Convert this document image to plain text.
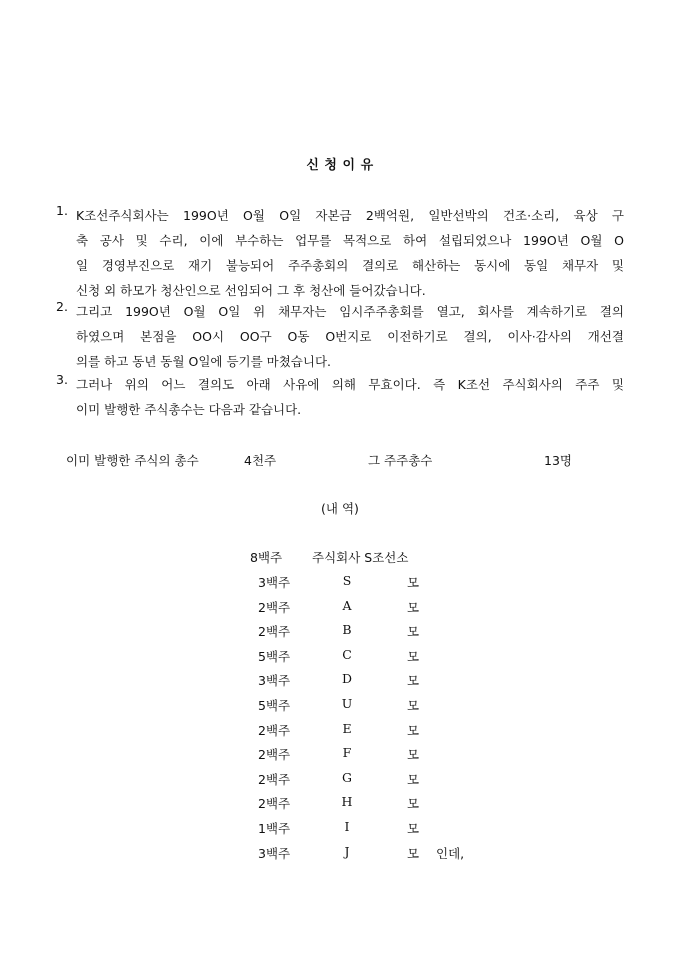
신 청 이 유
1. K조선주식회사는 199O년 O월 O일 자본금 2백억원, 일반선박의 건조·소리, 육상 구
축 공사 및 수리, 이에 부수하는 업무를 목적으로 하여 설립되었으나 199O년 O월 O
일 경영부진으로 재기 불능되어 주주총회의 결의로 해산하는 동시에 동일 채무자 및
신청 외 하모가 청산인으로 선임되어 그 후 청산에 들어갔습니다.
2. 그리고 199O년 O월 O일 위 채무자는 임시주주총회를 열고, 회사를 계속하기로 결의
하였으며 본점을 OO시 OO구 O동 O번지로 이전하기로 결의, 이사·감사의 개선결
의를 하고 동년 동월 O일에 등기를 마쳤습니다.
3. 그러나 위의 어느 결의도 아래 사유에 의해 무효이다. 즉 K조선 주식회사의 주주 및
이미 발행한 주식총수는 다음과 같습니다.
이미 발행한 주식의 총수	4천주	그 주주총수	13명
(내 역)
8백주 주식회사 S조선소
3백주	S	모
2백주	A	모
2백주	B	모
5백주	C	모
3백주	D	모
5백주	U	모
2백주	E	모
2백주	F	모
2백주	G	모
2백주	H	모
1백주	I	모
3백주	J	모 인데,
